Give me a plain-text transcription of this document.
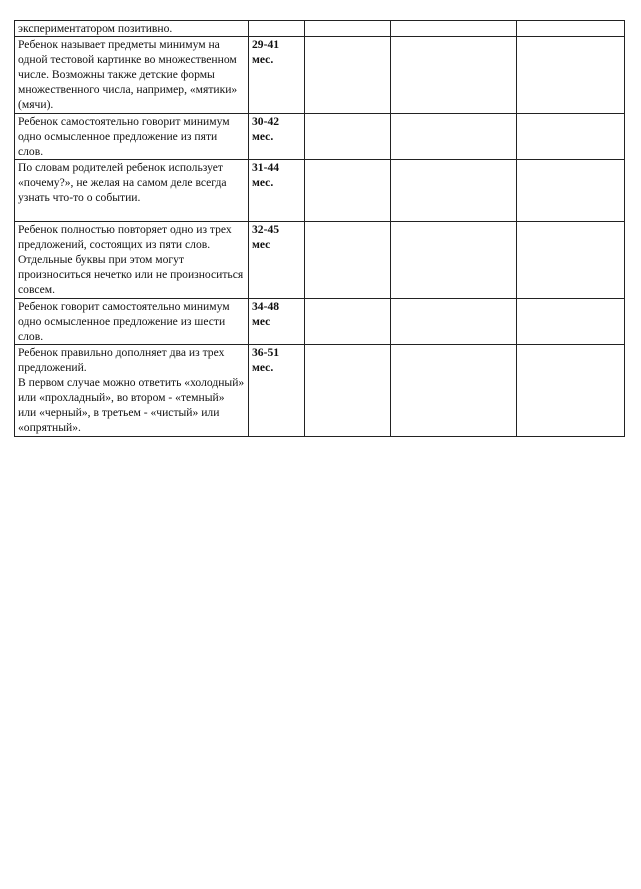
экспериментатором позитивно.				
Ребенок называет предметы минимум на одной тестовой картинке во множественном числе. Возможны также детские формы множественного числа, например, «мятики» (мячи).	29-41
мес.			
Ребенок самостоятельно говорит минимум одно осмысленное предложение из пяти слов.	30-42
мес.			
По словам родителей ребенок использует «почему?», не желая на самом деле всегда узнать что-то о событии.	31-44
мес.			
Ребенок полностью повторяет одно из трех предложений, состоящих из пяти слов. Отдельные буквы при этом могут произноситься нечетко или не произноситься совсем.	32-45
мес			
Ребенок говорит самостоятельно минимум одно осмысленное предложение из шести слов.	34-48
мес			
Ребенок правильно дополняет два из трех предложений.
В первом случае можно ответить «холодный» или «прохладный», во втором - «темный» или «черный», в третьем - «чистый» или «опрятный».	36-51
мес.			
